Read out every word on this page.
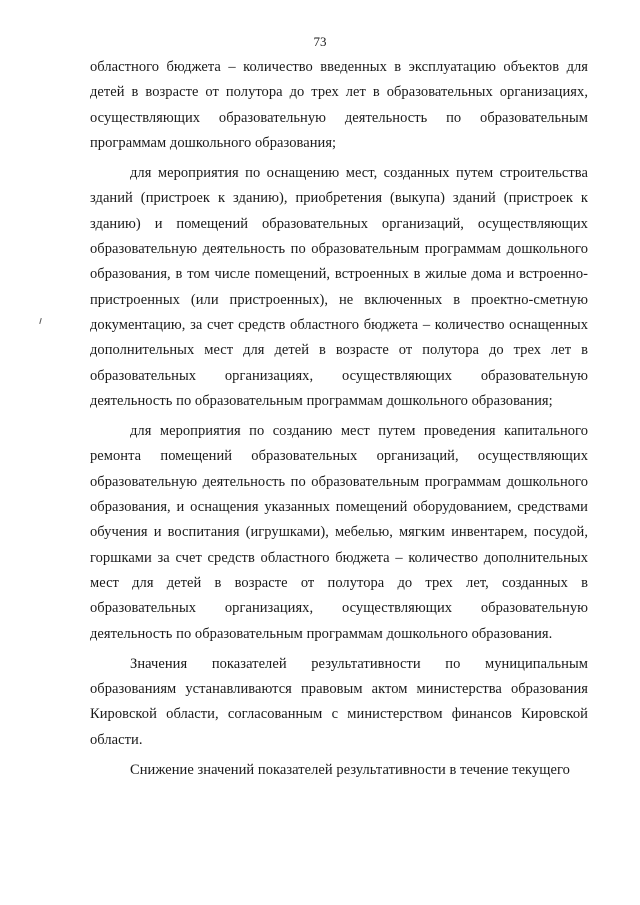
73

областного бюджета – количество введенных в эксплуатацию объектов для детей в возрасте от полутора до трех лет в образовательных организациях, осуществляющих образовательную деятельность по образовательным программам дошкольного образования;

для мероприятия по оснащению мест, созданных путем строительства зданий (пристроек к зданию), приобретения (выкупа) зданий (пристроек к зданию) и помещений образовательных организаций, осуществляющих образовательную деятельность по образовательным программам дошкольного образования, в том числе помещений, встроенных в жилые дома и встроенно-пристроенных (или пристроенных), не включенных в проектно-сметную документацию, за счет средств областного бюджета – количество оснащенных дополнительных мест для детей в возрасте от полутора до трех лет в образовательных организациях, осуществляющих образовательную деятельность по образовательным программам дошкольного образования;

для мероприятия по созданию мест путем проведения капитального ремонта помещений образовательных организаций, осуществляющих образовательную деятельность по образовательным программам дошкольного образования, и оснащения указанных помещений оборудованием, средствами обучения и воспитания (игрушками), мебелью, мягким инвентарем, посудой, горшками за счет средств областного бюджета – количество дополнительных мест для детей в возрасте от полутора до трех лет, созданных в образовательных организациях, осуществляющих образовательную деятельность по образовательным программам дошкольного образования.

Значения показателей результативности по муниципальным образованиям устанавливаются правовым актом министерства образования Кировской области, согласованным с министерством финансов Кировской области.

Снижение значений показателей результативности в течение текущего
